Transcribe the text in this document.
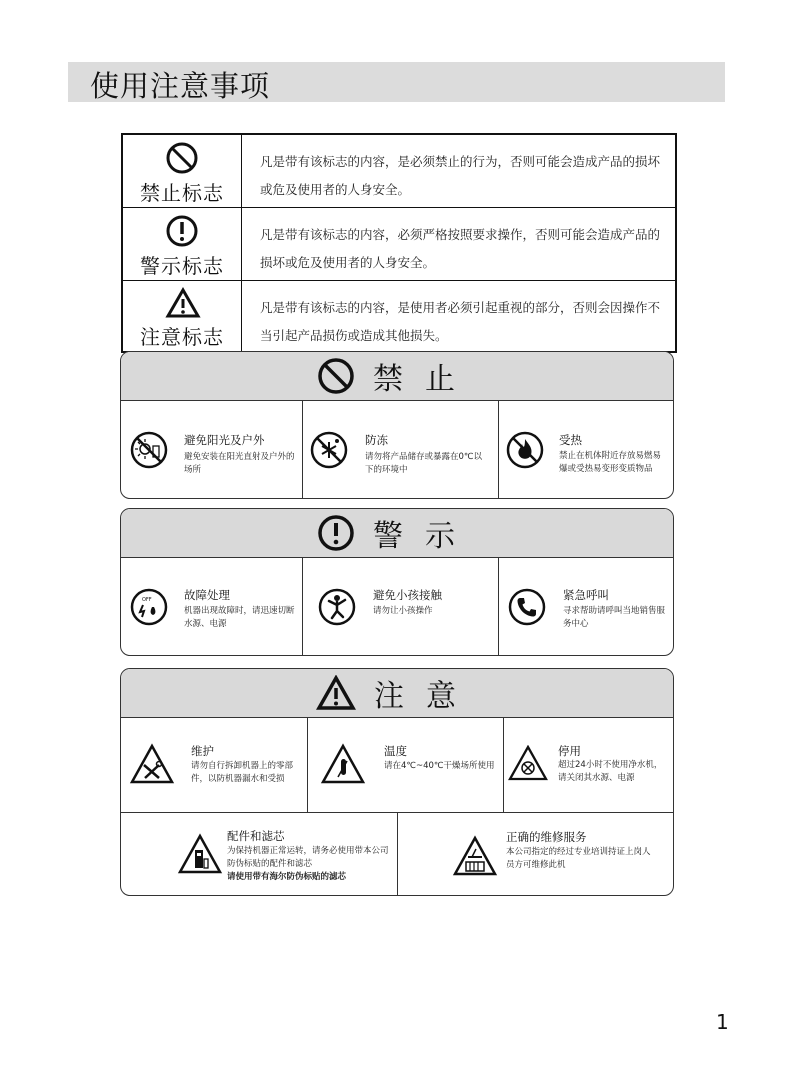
使用注意事项
禁止标志
凡是带有该标志的内容，是必须禁止的行为，否则可能会造成产品的损坏或危及使用者的人身安全。
警示标志
凡是带有该标志的内容，必须严格按照要求操作，否则可能会造成产品的损坏或危及使用者的人身安全。
注意标志
凡是带有该标志的内容，是使用者必须引起重视的部分，否则会因操作不当引起产品损伤或造成其他损失。
禁止
避免阳光及户外
避免安装在阳光直射及户外的场所
防冻
请勿将产品储存或暴露在0℃以下的环境中
受热
禁止在机体附近存放易燃易爆或受热易变形变质物品
警示
OFF	故障处理
机器出现故障时，请迅速切断水源、电源
避免小孩接触
请勿让小孩操作
紧急呼叫
寻求帮助请呼叫当地销售服务中心
注意
维护
请勿自行拆卸机器上的零部件，以防机器漏水和受损
温度
请在4℃~40℃干燥场所使用
停用
超过24小时不使用净水机，请关闭其水源、电源
配件和滤芯
为保持机器正常运转，请务必使用带本公司防伪标贴的配件和滤芯
请使用带有海尔防伪标贴的滤芯
正确的维修服务
本公司指定的经过专业培训持证上岗人员方可维修此机
1
